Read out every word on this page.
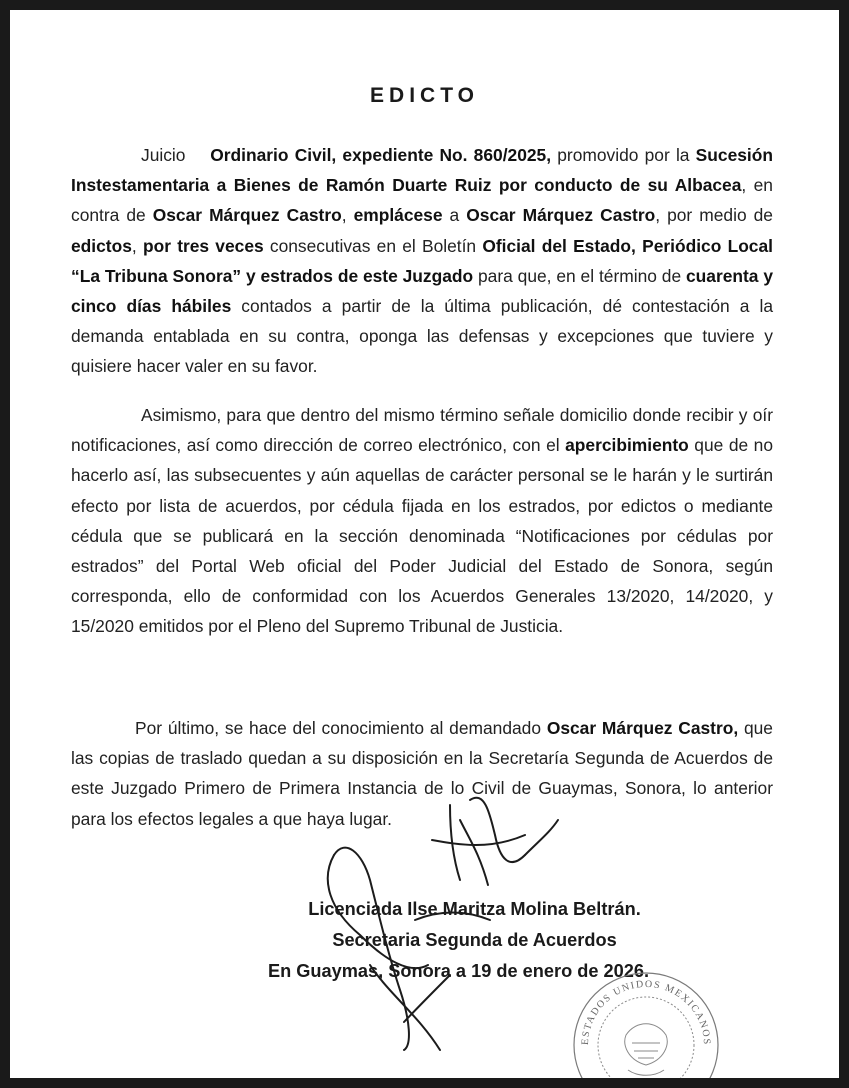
EDICTO

Juicio Ordinario Civil, expediente No. 860/2025, promovido por la Sucesión Instestamentaria a Bienes de Ramón Duarte Ruiz por conducto de su Albacea, en contra de Oscar Márquez Castro, emplácese a Oscar Márquez Castro, por medio de edictos, por tres veces consecutivas en el Boletín Oficial del Estado, Periódico Local “La Tribuna Sonora” y estrados de este Juzgado para que, en el término de cuarenta y cinco días hábiles contados a partir de la última publicación, dé contestación a la demanda entablada en su contra, oponga las defensas y excepciones que tuviere y quisiere hacer valer en su favor.

Asimismo, para que dentro del mismo término señale domicilio donde recibir y oír notificaciones, así como dirección de correo electrónico, con el apercibimiento que de no hacerlo así, las subsecuentes y aún aquellas de carácter personal se le harán y le surtirán efecto por lista de acuerdos, por cédula fijada en los estrados, por edictos o mediante cédula que se publicará en la sección denominada “Notificaciones por cédulas por estrados” del Portal Web oficial del Poder Judicial del Estado de Sonora, según corresponda, ello de conformidad con los Acuerdos Generales 13/2020, 14/2020, y 15/2020 emitidos por el Pleno del Supremo Tribunal de Justicia.

Por último, se hace del conocimiento al demandado Oscar Márquez Castro, que las copias de traslado quedan a su disposición en la Secretaría Segunda de Acuerdos de este Juzgado Primero de Primera Instancia de lo Civil de Guaymas, Sonora, lo anterior para los efectos legales a que haya lugar.

Licenciada Ilse Maritza Molina Beltrán.
Secretaria Segunda de Acuerdos
En Guaymas, Sonora a 19 de enero de 2026.
ESTADOS UNIDOS MEXICANOS
